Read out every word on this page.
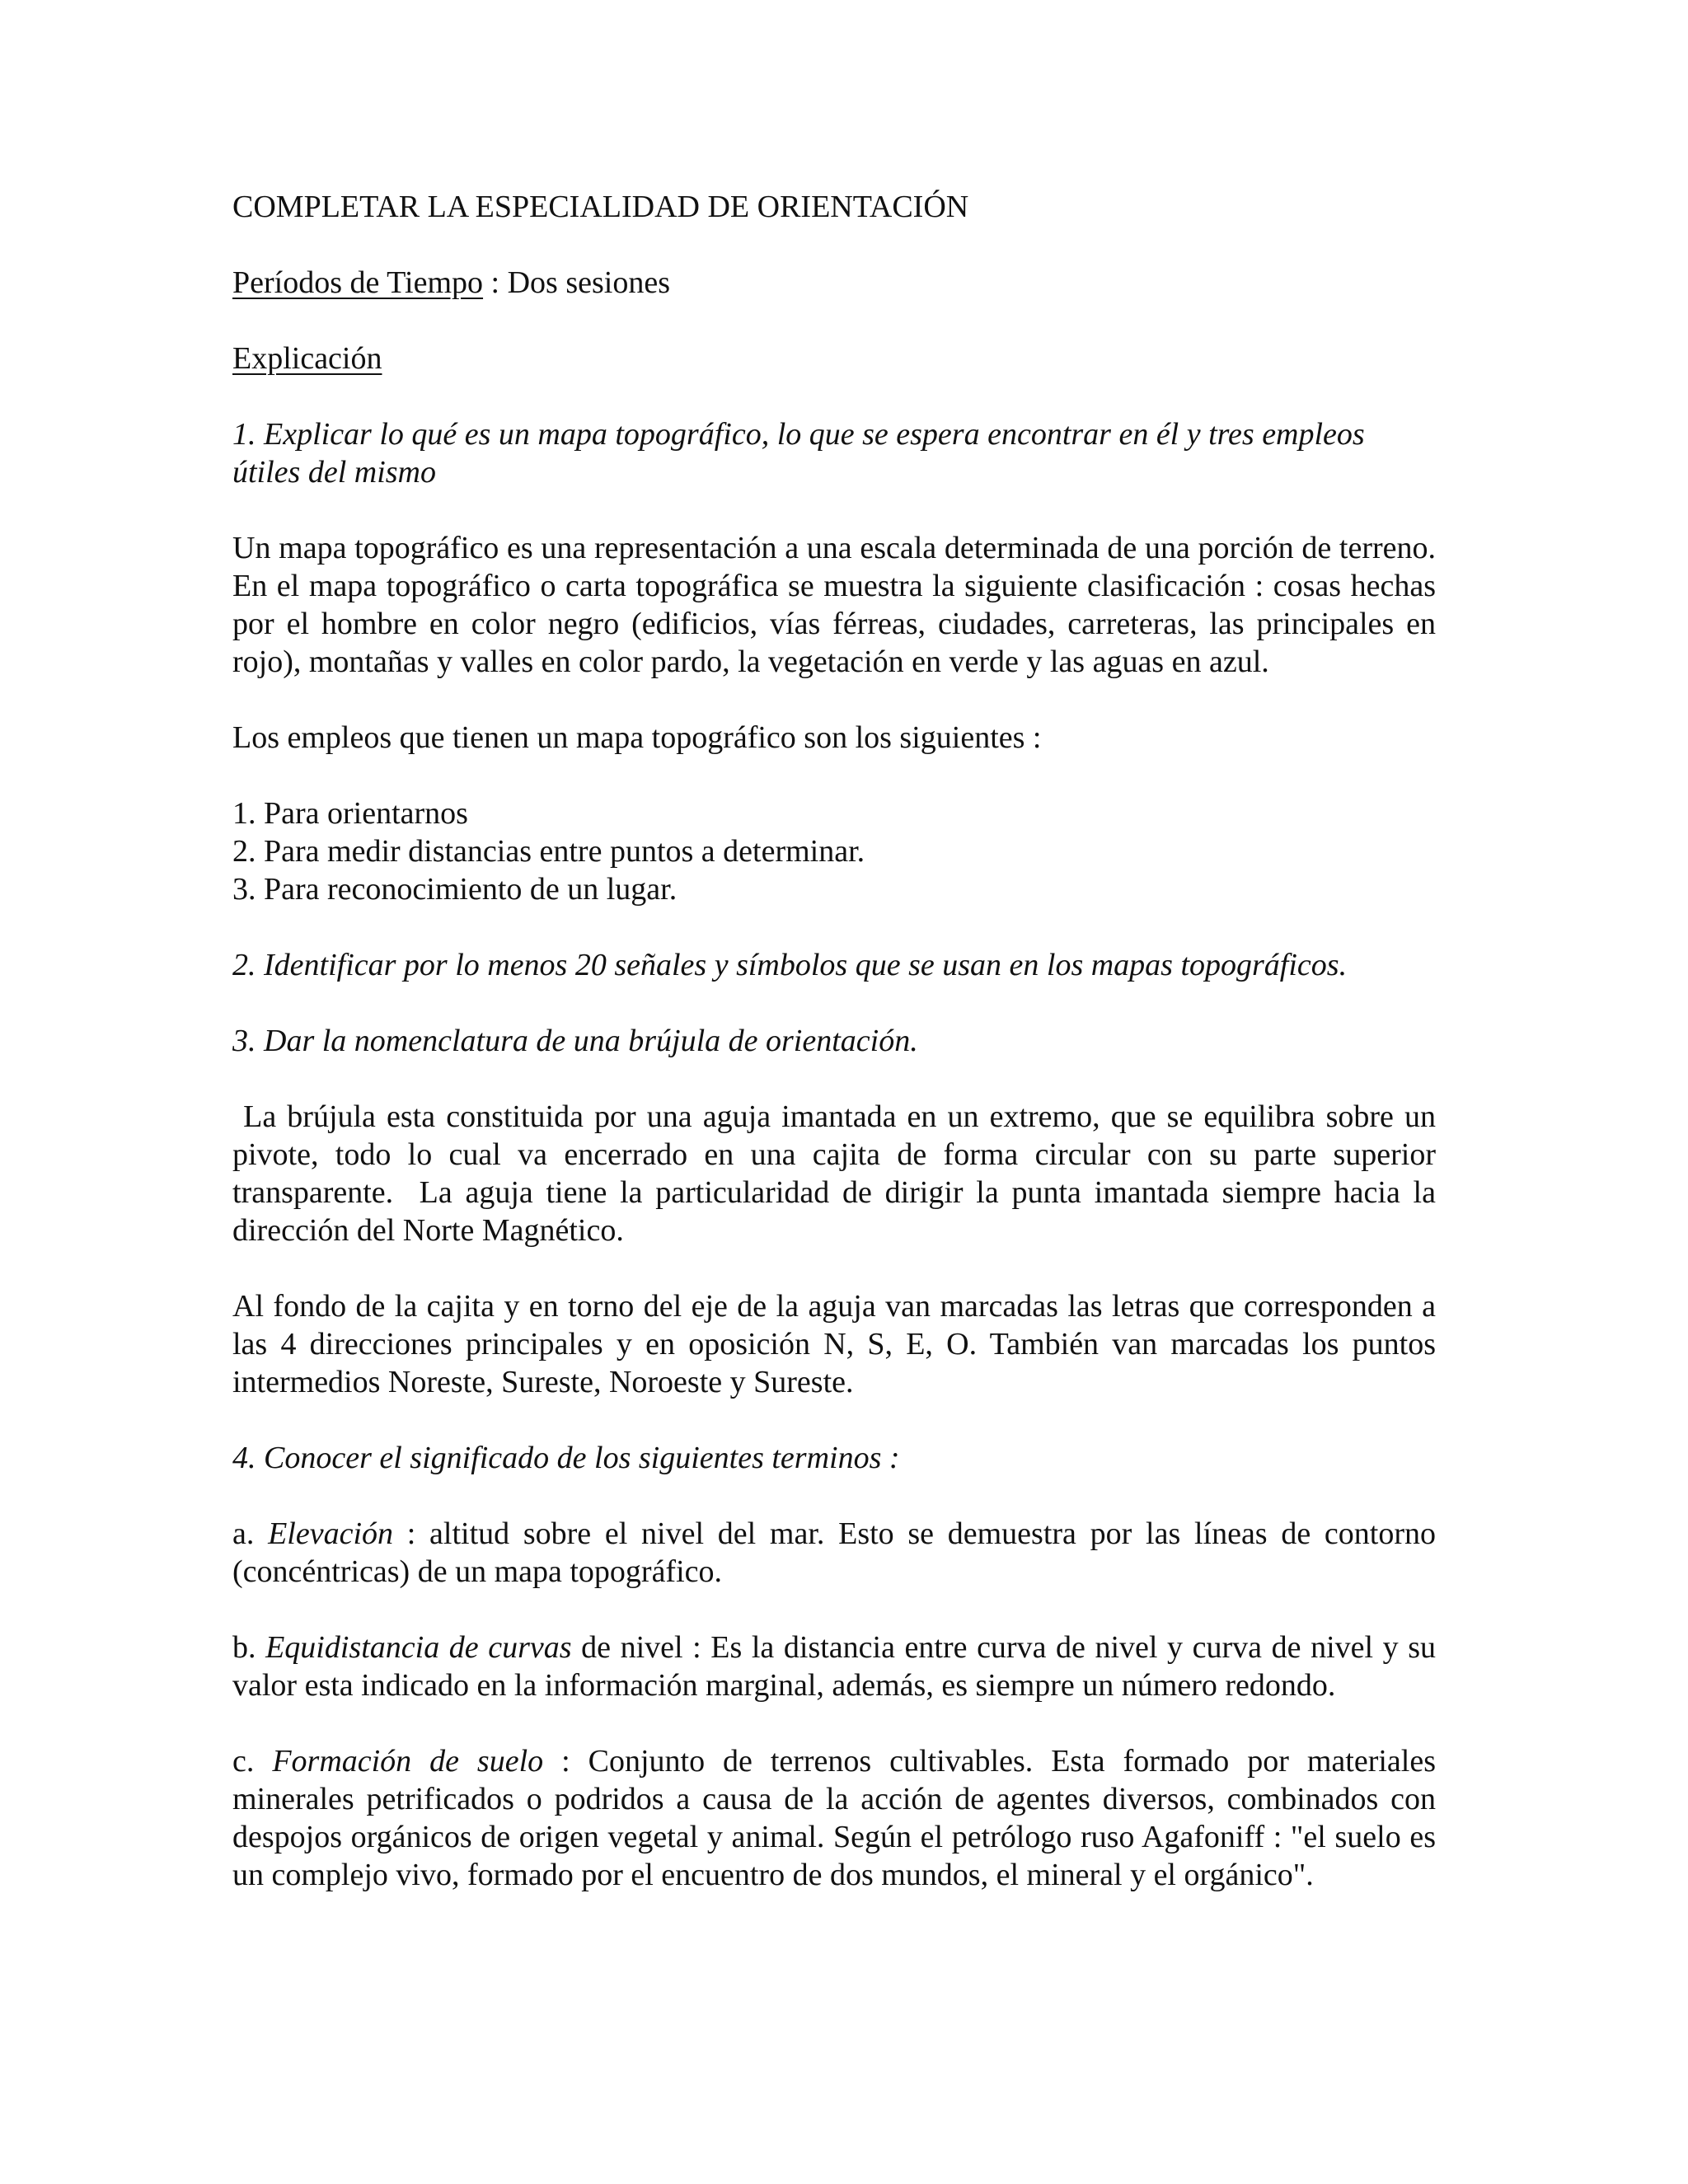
COMPLETAR LA ESPECIALIDAD DE ORIENTACIÓN

Períodos de Tiempo : Dos sesiones

Explicación

1. Explicar lo qué es un mapa topográfico, lo que se espera encontrar en él y tres empleos útiles del mismo

Un mapa topográfico es una representación a una escala determinada de una porción de terreno. En el mapa topográfico o carta topográfica se muestra la siguiente clasificación : cosas hechas por el hombre en color negro (edificios, vías férreas, ciudades, carreteras, las principales en rojo), montañas y valles en color pardo, la vegetación en verde y las aguas en azul.

Los empleos que tienen un mapa topográfico son los siguientes :

1. Para orientarnos

2. Para medir distancias entre puntos a determinar.

3. Para reconocimiento de un lugar.

2. Identificar por lo menos 20 señales y símbolos que se usan en los mapas topográficos.

3. Dar la nomenclatura de una brújula de orientación.

La brújula esta constituida por una aguja imantada en un extremo, que se equilibra sobre un pivote, todo lo cual va encerrado en una cajita de forma circular con su parte superior transparente.  La aguja tiene la particularidad de dirigir la punta imantada siempre hacia la dirección del Norte Magnético.

Al fondo de la cajita y en torno del eje de la aguja van marcadas las letras que corresponden a las 4 direcciones principales y en oposición N, S, E, O. También van marcadas los puntos intermedios Noreste, Sureste, Noroeste y Sureste.

4. Conocer el significado de los siguientes terminos :

a. Elevación : altitud sobre el nivel del mar. Esto se demuestra por las líneas de contorno (concéntricas) de un mapa topográfico.

b. Equidistancia de curvas de nivel : Es la distancia entre curva de nivel y curva de nivel y su valor esta indicado en la información marginal, además, es siempre un número redondo.

c. Formación de suelo : Conjunto de terrenos cultivables. Esta formado por materiales minerales petrificados o podridos a causa de la acción de agentes diversos, combinados con despojos orgánicos de origen vegetal y animal. Según el petrólogo ruso Agafoniff : "el suelo es un complejo vivo, formado por el encuentro de dos mundos, el mineral y el orgánico".
